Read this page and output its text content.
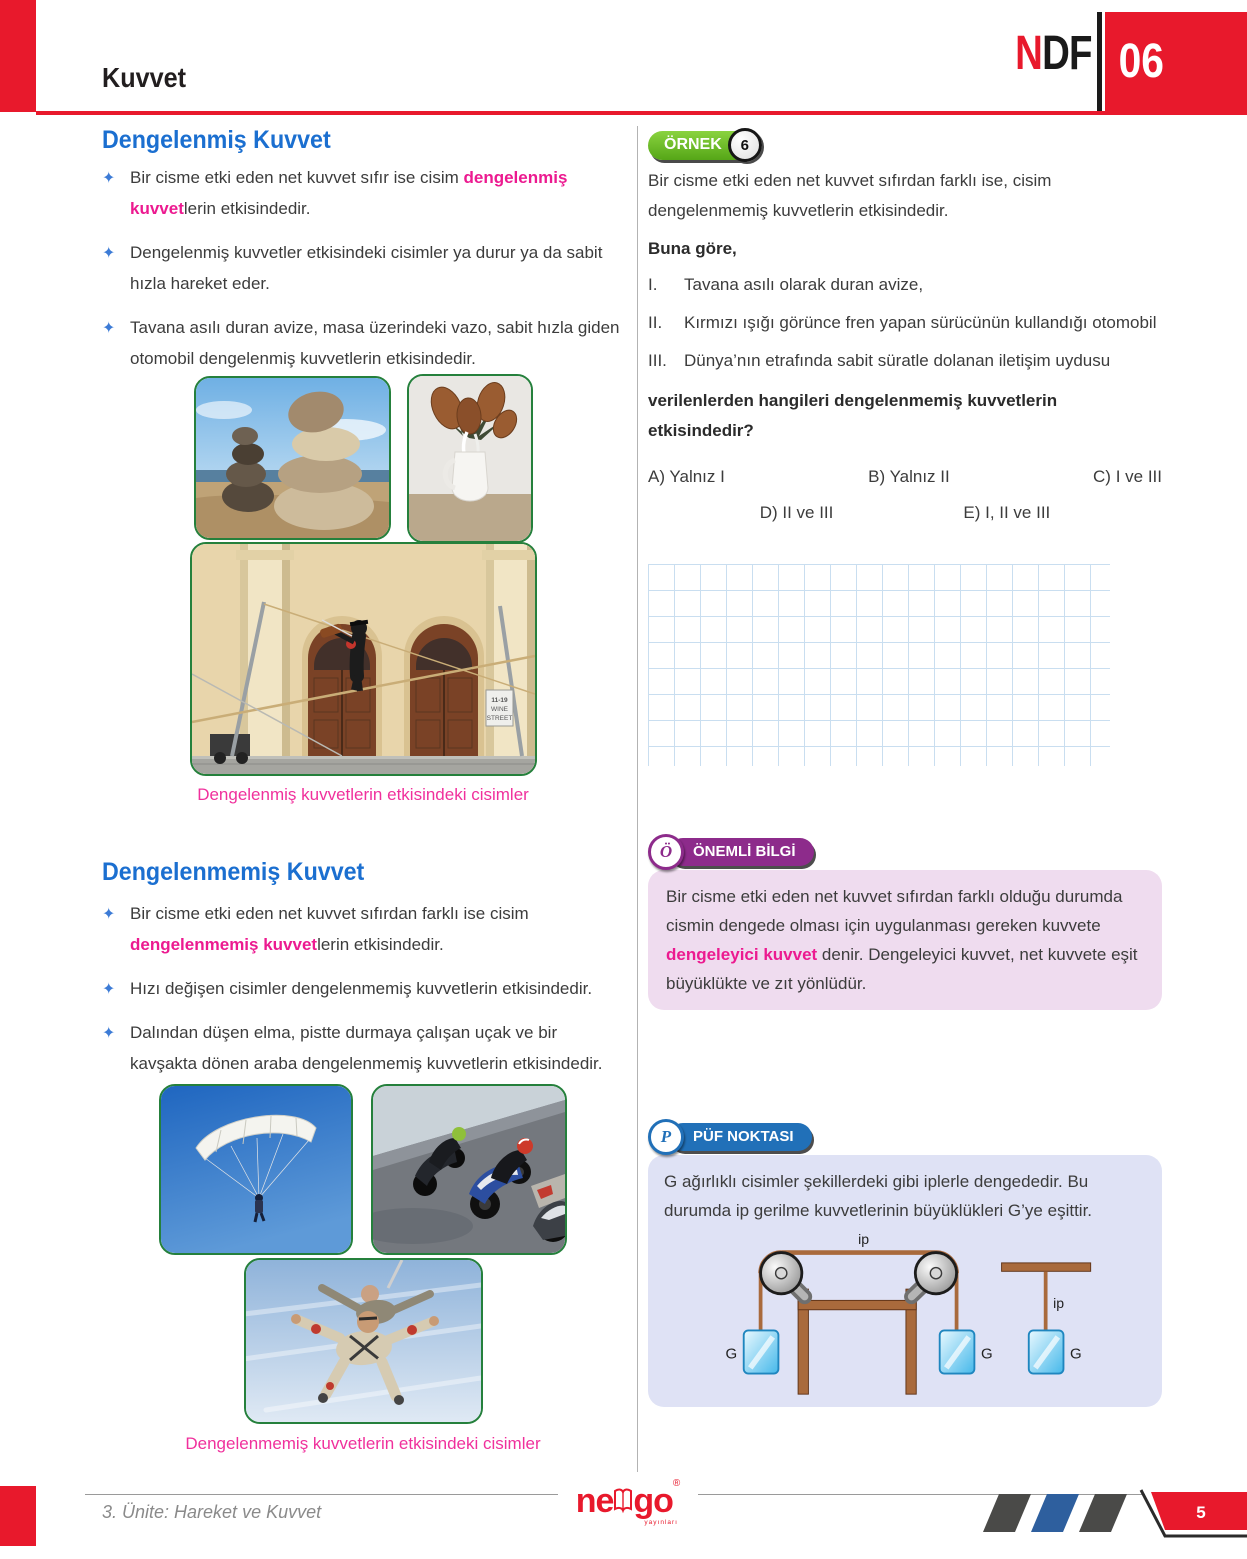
Kuvvet	NDF 06
Dengelenmiş Kuvvet
✦ Bir cisme etki eden net kuvvet sıfır ise cisim dengelenmiş kuvvetlerin etkisindedir.

✦ Dengelenmiş kuvvetler etkisindeki cisimler ya durur ya da sabit hızla hareket eder.

✦ Tavana asılı duran avize, masa üzerindeki vazo, sabit hızla giden otomobil dengelenmiş kuvvetlerin etkisindedir.

11-19
WINE
STREET
Dengelenmiş kuvvetlerin etkisindeki cisimler
Dengelenmemiş Kuvvet
✦ Bir cisme etki eden net kuvvet sıfırdan farklı ise cisim dengelenmemiş kuvvetlerin etkisindedir.

✦ Hızı değişen cisimler dengelenmemiş kuvvetlerin etkisindedir.

✦ Dalından düşen elma, pistte durmaya çalışan uçak ve bir kavşakta dönen araba dengelenmemiş kuvvetlerin etkisindedir.

Dengelenmemiş kuvvetlerin etkisindeki cisimler
ÖRNEK	6

Bir cisme etki eden net kuvvet sıfırdan farklı ise, cisim dengelenmemiş kuvvetlerin etkisindedir.

Buna göre,

I.	Tavana asılı olarak duran avize,
II.	Kırmızı ışığı görünce fren yapan sürücünün kullandığı otomobil
III.	Dünya’nın etrafında sabit süratle dolanan iletişim uydusu

verilenlerden hangileri dengelenmemiş kuvvetlerin etkisindedir?

A) Yalnız I	B) Yalnız II	C) I ve III
D) II ve III	E) I, II ve III
Ö	ÖNEMLİ BİLGİ
Bir cisme etki eden net kuvvet sıfırdan farklı olduğu durumda cismin dengede olması için uygulanması gereken kuvvete dengeleyici kuvvet denir. Dengeleyici kuvvet, net kuvvete eşit büyüklükte ve zıt yönlüdür.
P	PÜF NOKTASI
G ağırlıklı cisimler şekillerdeki gibi iplerle dengededir. Bu durumda ip gerilme kuvvetlerinin büyüklükleri G’ye eşittir.
ip
ip
G	G	G
3. Ünite: Hareket ve Kuvvet	ne go ®
yayınları
5
